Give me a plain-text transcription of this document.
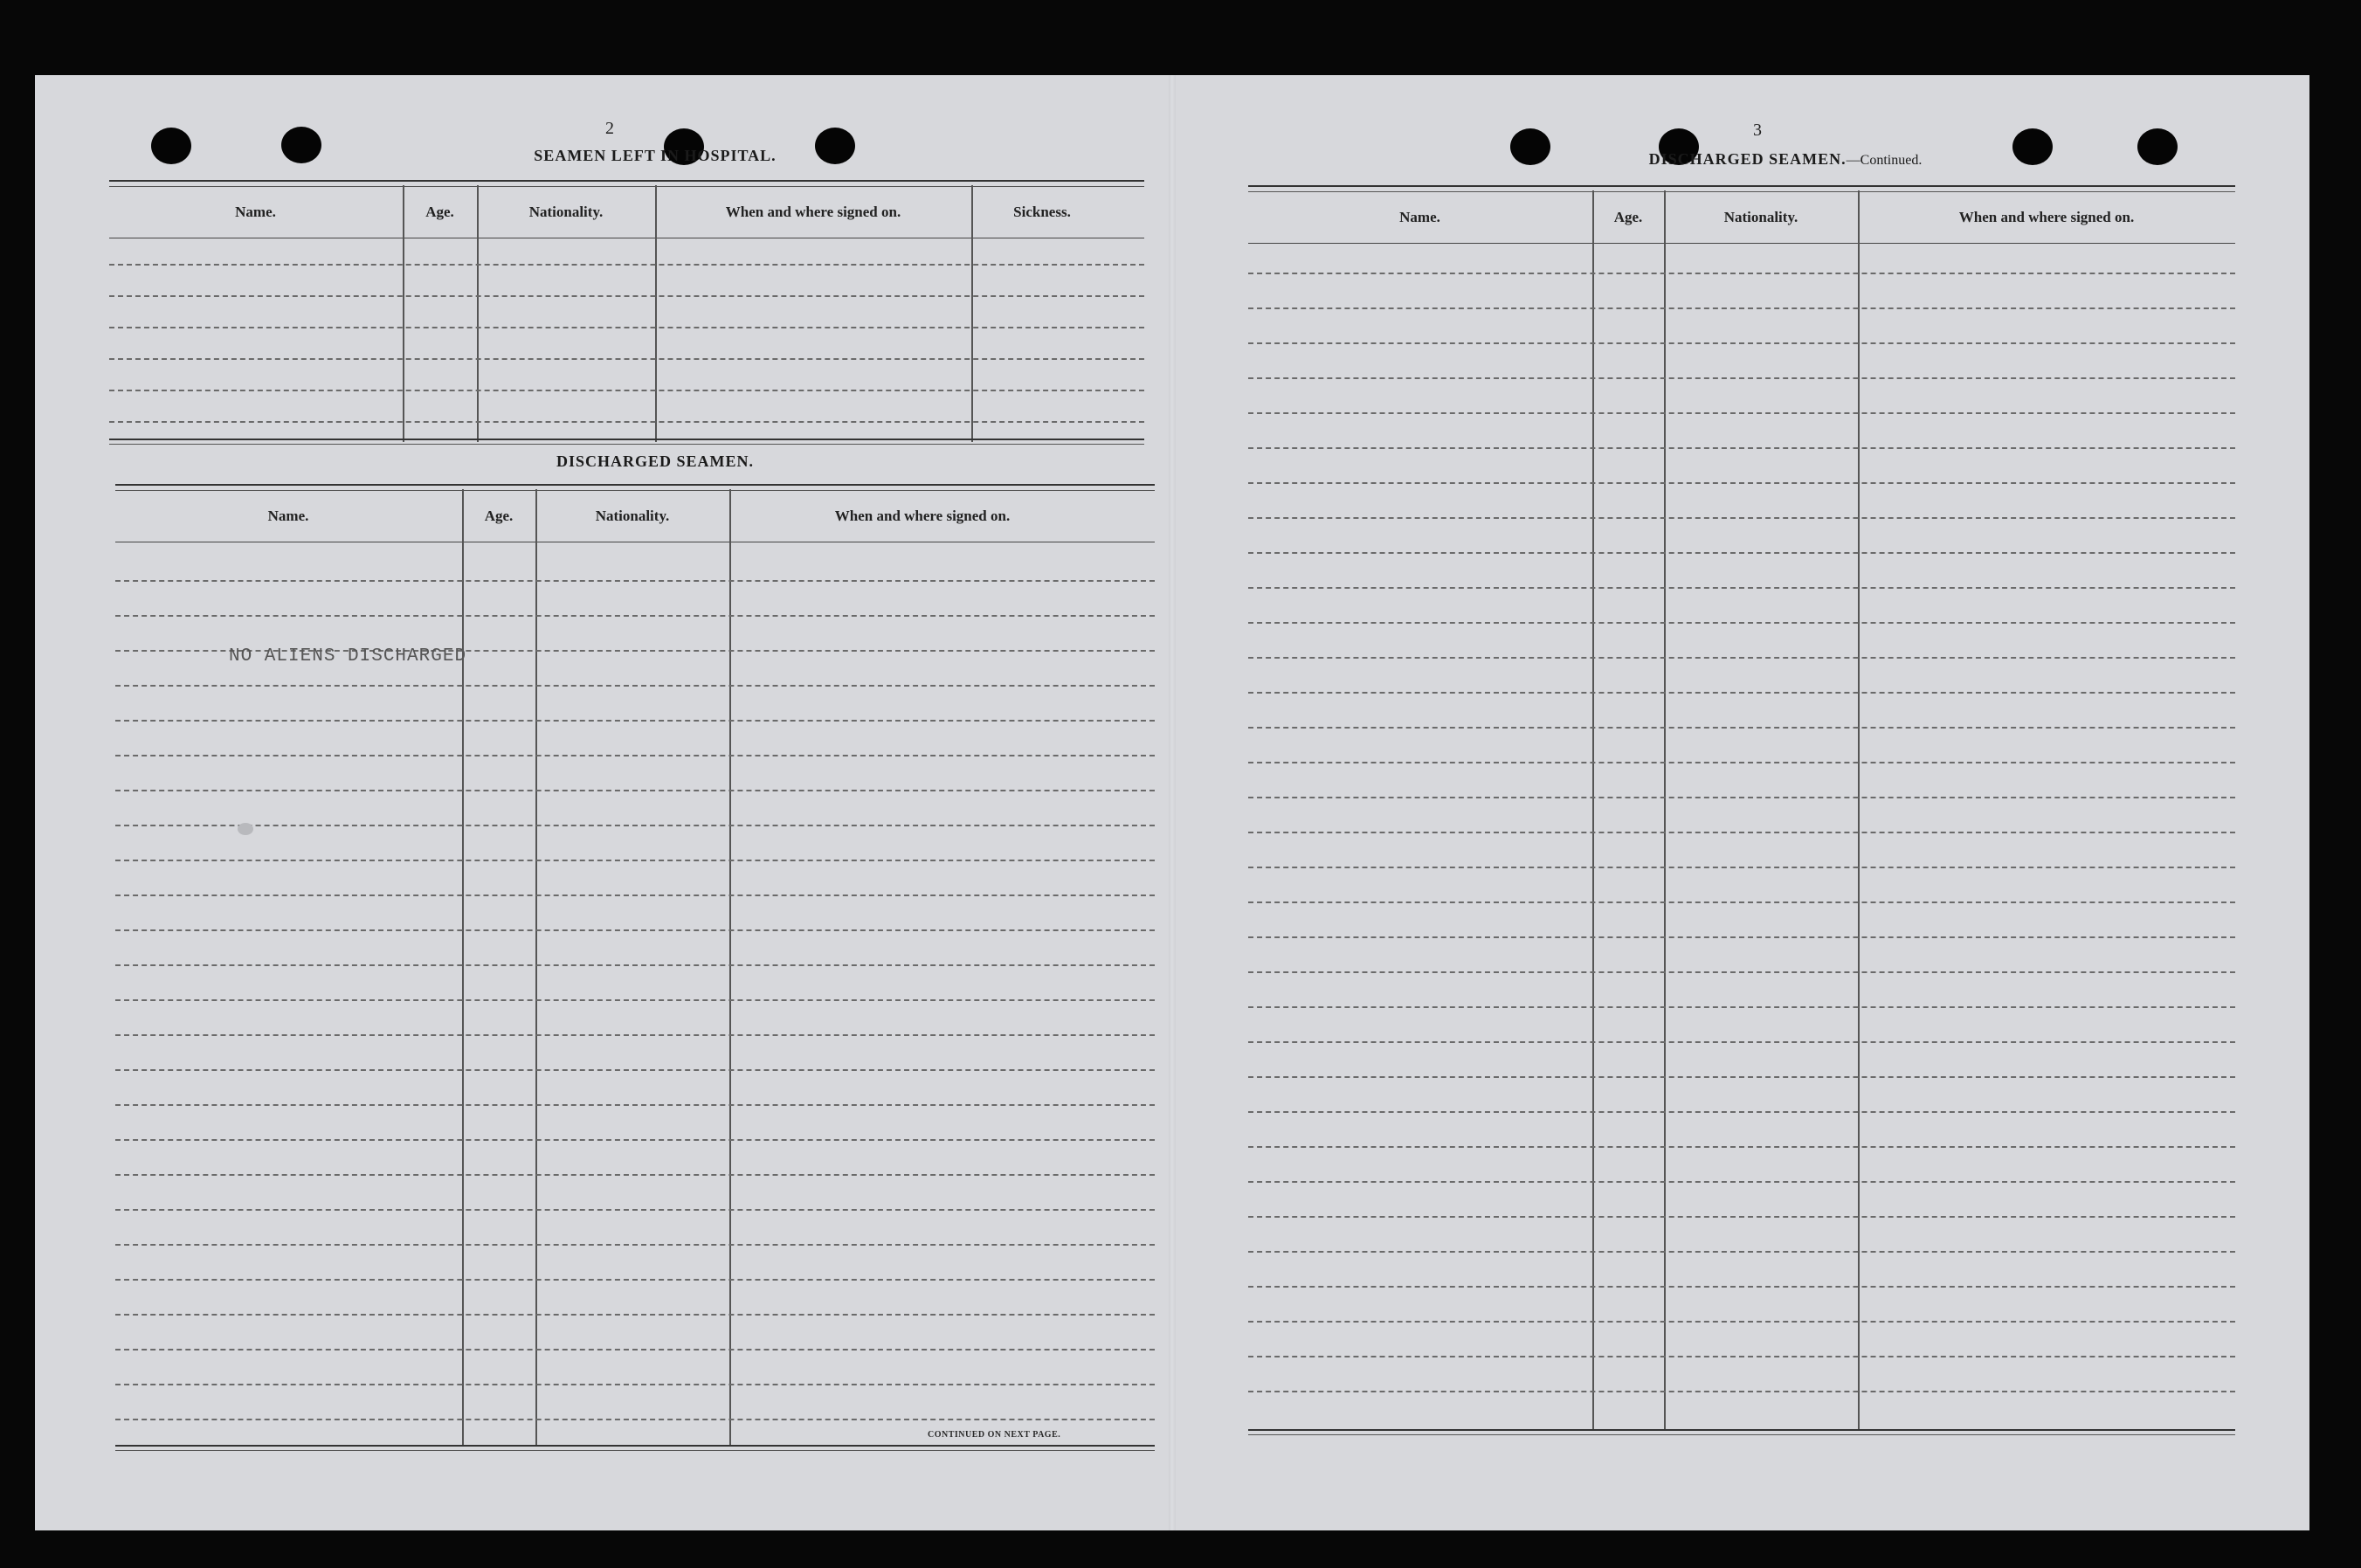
2
SEAMEN LEFT IN HOSPITAL.
Name.	Age.	Nationality.	When and where signed on.	Sickness.
DISCHARGED SEAMEN.
Name.	Age.	Nationality.	When and where signed on.
NO ALIENS DISCHARGED
CONTINUED ON NEXT PAGE.
3
DISCHARGED SEAMEN.—Continued.
Name.	Age.	Nationality.	When and where signed on.
